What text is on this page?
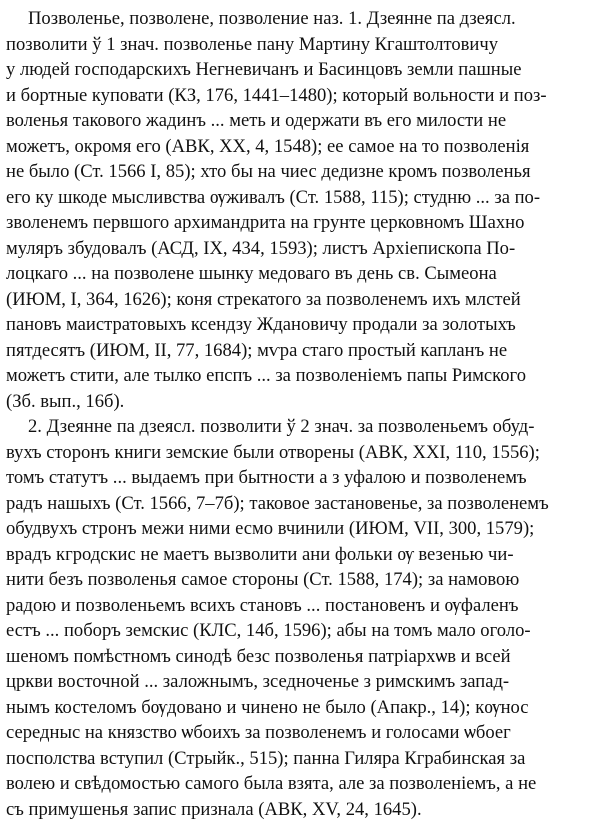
Позволенье, позволене, позволение наз. 1. Дзеянне па дзеясл.
позволити ў 1 знач. позволенье пану Мартину Кгаштолтовичу
у людей господарскихъ Негневичанъ и Басинцовъ земли пашные
и бортные куповати (КЗ, 176, 1441–1480); который вольности и поз-
воленья такового жадинъ ... меть и одержати въ его милости не
можетъ, окромя его (АВК, XX, 4, 1548); ее самое на то позволенія
не было (Ст. 1566 І, 85); хто бы на чиес дедизне кромъ позволенья
его ку шкоде мысливства ѹживалъ (Ст. 1588, 115); студню ... за по-
зволенемъ первшого архимандрита на грунте церковномъ Шахно
муляръ збудовалъ (АСД, IX, 434, 1593); листъ Архіепископа По-
лоцкаго ... на позволене шынку медоваго въ день св. Сымеона
(ИЮМ, I, 364, 1626); коня стрекатого за позволенемъ ихъ млстей
пановъ маистратовыхъ ксендзу Ждановичу продали за золотыхъ
пятдесятъ (ИЮМ, II, 77, 1684); мѵра стаго простый капланъ не
можетъ стити, але тылко епспъ ... за позволеніемъ папы Римского
(Зб. вып., 16б).
2. Дзеянне па дзеясл. позволити ў 2 знач. за позволеньемъ обуд-
вухъ сторонъ книги земские были отворены (АВК, XXI, 110, 1556);
томъ статутъ ... выдаемъ при бытности а з уфалою и позволенемъ
радъ нашыхъ (Ст. 1566, 7–7б); таковое застановенье, за позволенемъ
обудвухъ стронъ межи ними есмо вчинили (ИЮМ, VII, 300, 1579);
врадъ кгродскис не маетъ вызволити ани фольки ѹ везенью чи-
нити безъ позволенья самое стороны (Ст. 1588, 174); за намовою
радою и позволеньемъ всихъ становъ ... постановенъ и ѹфаленъ
естъ ... поборъ земскис (КЛС, 14б, 1596); абы на томъ мало оголо-
шеномъ помѣстномъ синодѣ безс позволенья патріархѡв и всей
цркви восточной ... заложнымъ, зседноченье з римскимъ запад-
нымъ костеломъ бѹдовано и чинено не было (Апакр., 14); кѹнос
середныс на князство ѡбоихъ за позволенемъ и голосами ѡбоег
посполства вступил (Стрыйк., 515); панна Гиляра Кграбинская за
волею и свѣдомостью самого была взята, але за позволеніемъ, а не
съ примушенья запис признала (АВК, XV, 24, 1645).
